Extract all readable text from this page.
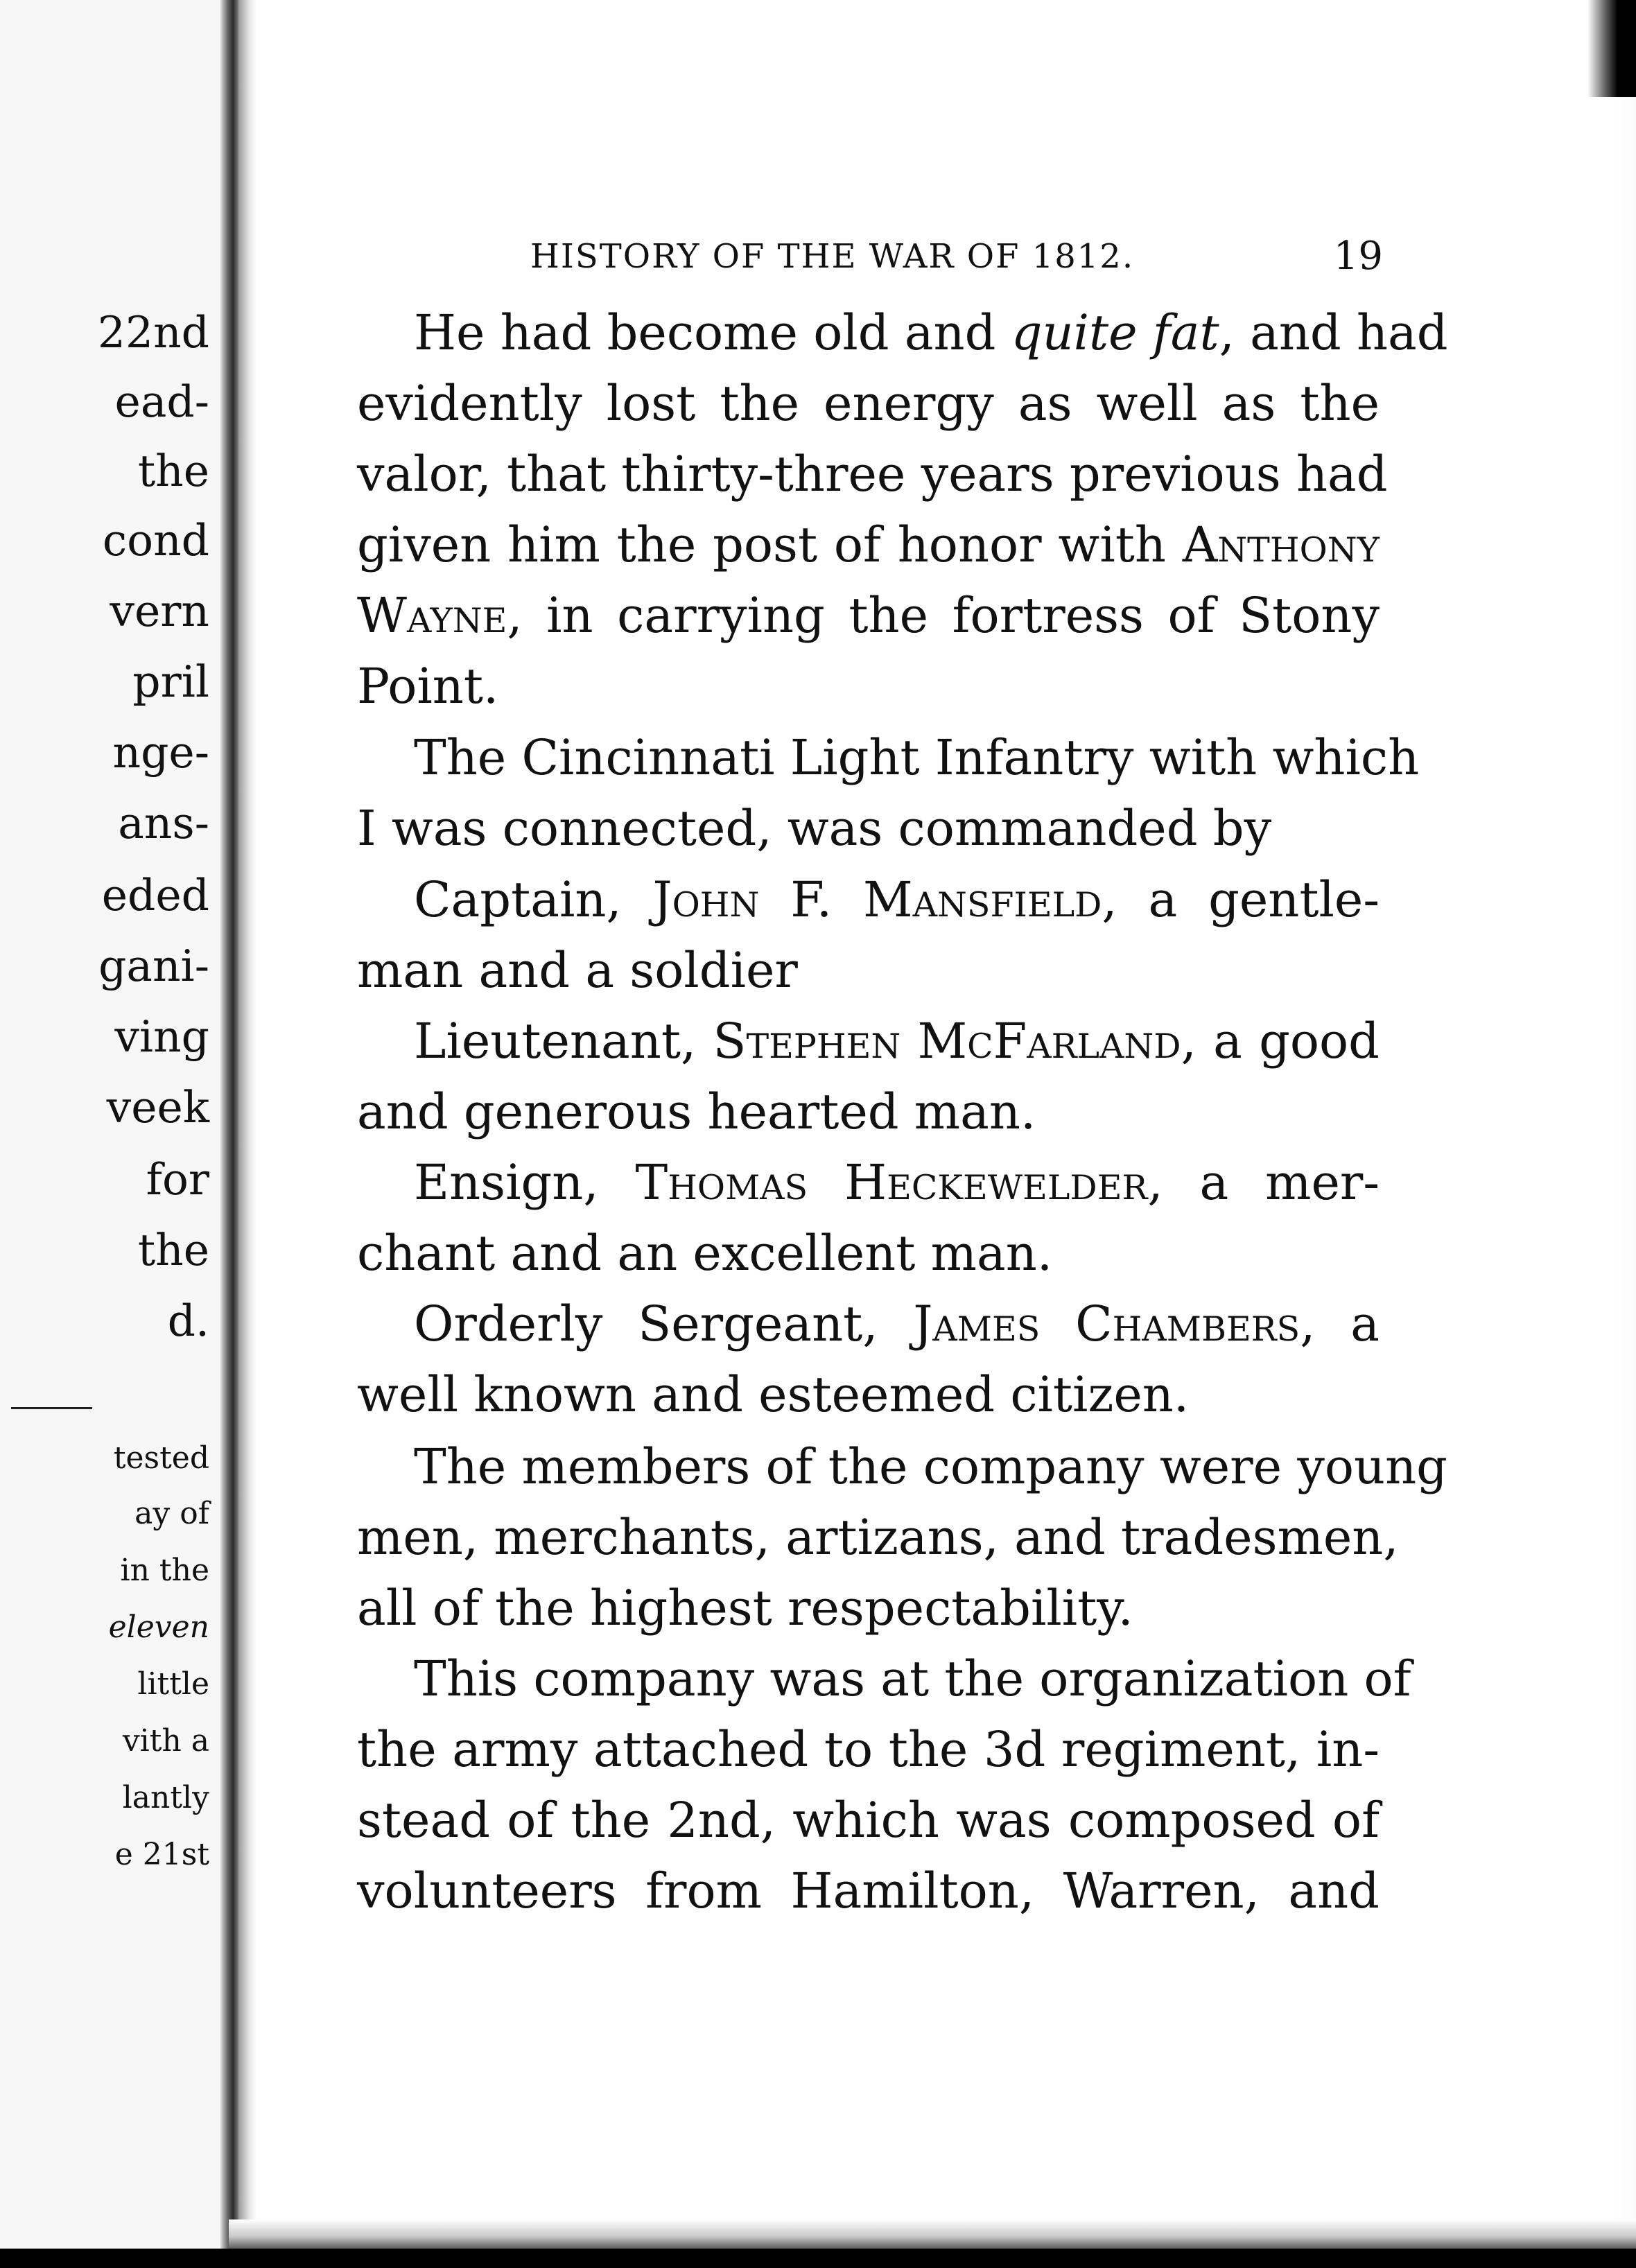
22nd
ead-
the
cond
vern
pril
nge-
ans-
eded
gani-
ving
veek
for
the
d.
tested
ay of
in the
eleven
little
vith a
lantly
e 21st
HISTORY OF THE WAR OF 1812.	19
He had become old and quite fat, and had
evidently lost the energy as well as the
valor, that thirty-three years previous had
given him the post of honor with Anthony
Wayne, in carrying the fortress of Stony
Point.
The Cincinnati Light Infantry with which
I was connected, was commanded by
Captain, John F. Mansfield, a gentle-
man and a soldier
Lieutenant, Stephen McFarland, a good
and generous hearted man.
Ensign, Thomas Heckewelder, a mer-
chant and an excellent man.
Orderly Sergeant, James Chambers, a
well known and esteemed citizen.
The members of the company were young
men, merchants, artizans, and tradesmen,
all of the highest respectability.
This company was at the organization of
the army attached to the 3d regiment, in-
stead of the 2nd, which was composed of
volunteers from Hamilton, Warren, and
